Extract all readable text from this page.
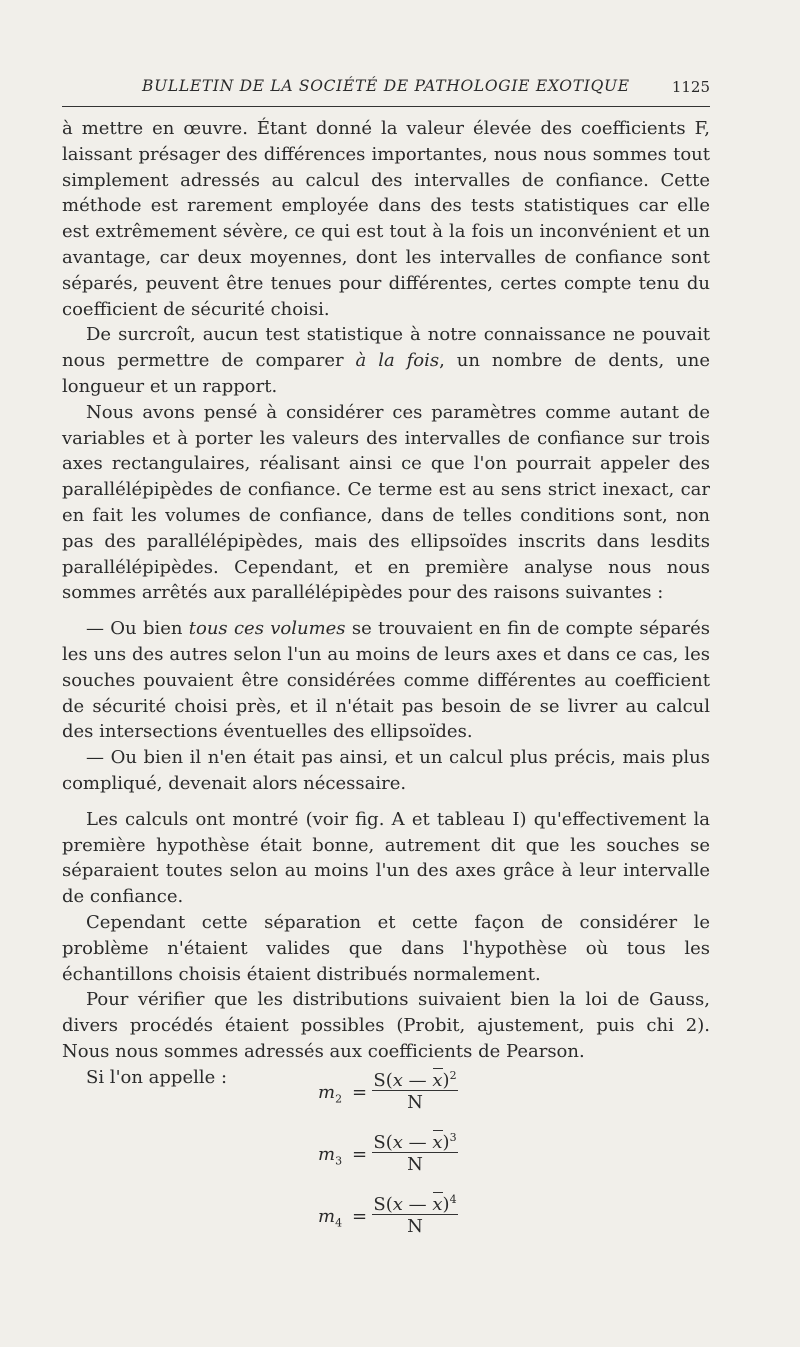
BULLETIN DE LA SOCIÉTÉ DE PATHOLOGIE EXOTIQUE	1125

à mettre en œuvre. Étant donné la valeur élevée des coefficients F, laissant présager des différences importantes, nous nous sommes tout simplement adressés au calcul des intervalles de confiance. Cette méthode est rarement employée dans des tests statistiques car elle est extrêmement sévère, ce qui est tout à la fois un inconvénient et un avantage, car deux moyennes, dont les intervalles de confiance sont séparés, peuvent être tenues pour différentes, certes compte tenu du coefficient de sécurité choisi.

De surcroît, aucun test statistique à notre connaissance ne pouvait nous permettre de comparer à la fois, un nombre de dents, une longueur et un rapport.

Nous avons pensé à considérer ces paramètres comme autant de variables et à porter les valeurs des intervalles de confiance sur trois axes rectangulaires, réalisant ainsi ce que l'on pourrait appeler des parallélépipèdes de confiance. Ce terme est au sens strict inexact, car en fait les volumes de confiance, dans de telles conditions sont, non pas des parallélépipèdes, mais des ellipsoïdes inscrits dans lesdits parallélépipèdes. Cependant, et en première analyse nous nous sommes arrêtés aux parallélépipèdes pour des raisons suivantes :

— Ou bien tous ces volumes se trouvaient en fin de compte séparés les uns des autres selon l'un au moins de leurs axes et dans ce cas, les souches pouvaient être considérées comme différentes au coefficient de sécurité choisi près, et il n'était pas besoin de se livrer au calcul des intersections éventuelles des ellipsoïdes.

— Ou bien il n'en était pas ainsi, et un calcul plus précis, mais plus compliqué, devenait alors nécessaire.

Les calculs ont montré (voir fig. A et tableau I) qu'effectivement la première hypothèse était bonne, autrement dit que les souches se séparaient toutes selon au moins l'un des axes grâce à leur intervalle de confiance.

Cependant cette séparation et cette façon de considérer le problème n'étaient valides que dans l'hypothèse où tous les échantillons choisis étaient distribués normalement.

Pour vérifier que les distributions suivaient bien la loi de Gauss, divers procédés étaient possibles (Probit, ajustement, puis chi 2). Nous nous sommes adressés aux coefficients de Pearson.

Si l'on appelle :

$m_2$ =
S(x — x)$^2$
N
$m_3$ =
S(x — x)$^3$
N
$m_4$ =
S(x — x)$^4$
N
